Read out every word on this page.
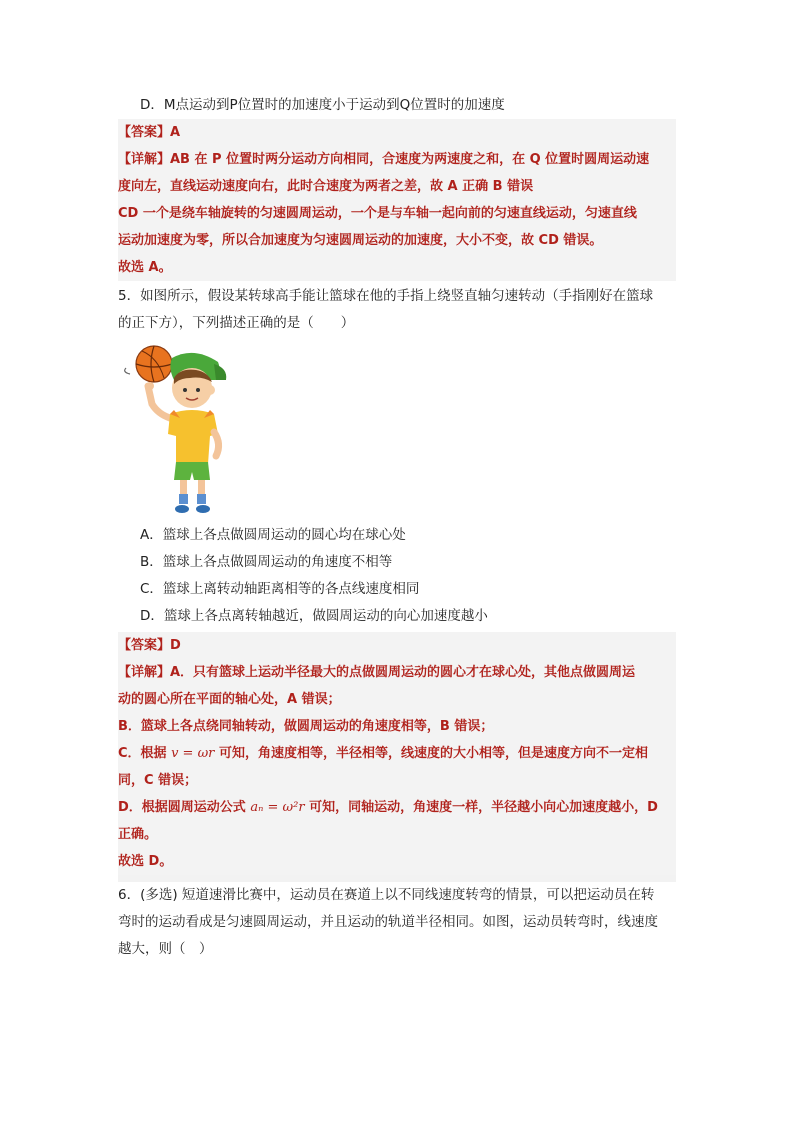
D．M点运动到P位置时的加速度小于运动到Q位置时的加速度
【答案】A
【详解】AB 在 P 位置时两分运动方向相同，合速度为两速度之和，在 Q 位置时圆周运动速
度向左，直线运动速度向右，此时合速度为两者之差，故 A 正确 B 错误
CD 一个是绕车轴旋转的匀速圆周运动，一个是与车轴一起向前的匀速直线运动，匀速直线
运动加速度为零，所以合加速度为匀速圆周运动的加速度，大小不变，故 CD 错误。
故选 A。
5．如图所示，假设某转球高手能让篮球在他的手指上绕竖直轴匀速转动（手指刚好在篮球
的正下方），下列描述正确的是（　　）
A．篮球上各点做圆周运动的圆心均在球心处
B．篮球上各点做圆周运动的角速度不相等
C．篮球上离转动轴距离相等的各点线速度相同
D．篮球上各点离转轴越近，做圆周运动的向心加速度越小
【答案】D
【详解】A．只有篮球上运动半径最大的点做圆周运动的圆心才在球心处，其他点做圆周运
动的圆心所在平面的轴心处，A 错误；
B．篮球上各点绕同轴转动，做圆周运动的角速度相等，B 错误；
C．根据 v = ωr 可知，角速度相等，半径相等，线速度的大小相等，但是速度方向不一定相
同，C 错误；
D．根据圆周运动公式 aₙ = ω²r 可知，同轴运动，角速度一样，半径越小向心加速度越小，D
正确。
故选 D。
6．(多选) 短道速滑比赛中，运动员在赛道上以不同线速度转弯的情景，可以把运动员在转
弯时的运动看成是匀速圆周运动，并且运动的轨道半径相同。如图，运动员转弯时，线速度
越大，则（　）
